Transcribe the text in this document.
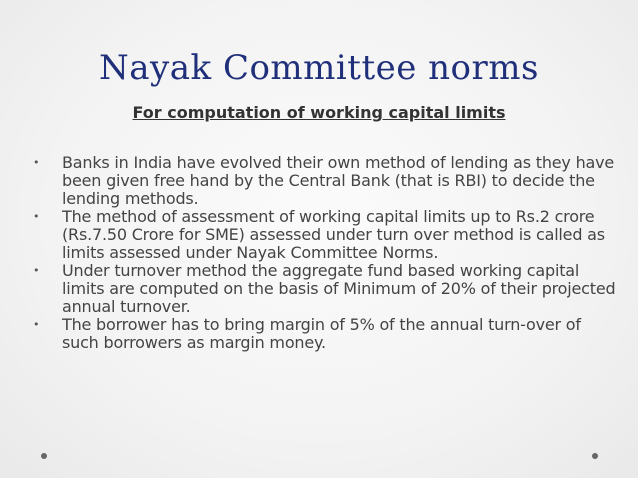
Nayak Committee norms
For computation of working capital limits
•	Banks in India have evolved their own method of lending as they have been given free hand by the Central Bank (that is RBI) to decide the lending methods.
•	The method of assessment of working capital limits up to Rs.2 crore (Rs.7.50 Crore for SME) assessed under turn over method is called as limits assessed under Nayak Committee Norms.
•	Under turnover method the aggregate fund based working capital limits are computed on the basis of Minimum of 20% of their projected annual turnover.
•	The borrower has to bring margin of 5% of the annual turn-over of such borrowers as margin money.
